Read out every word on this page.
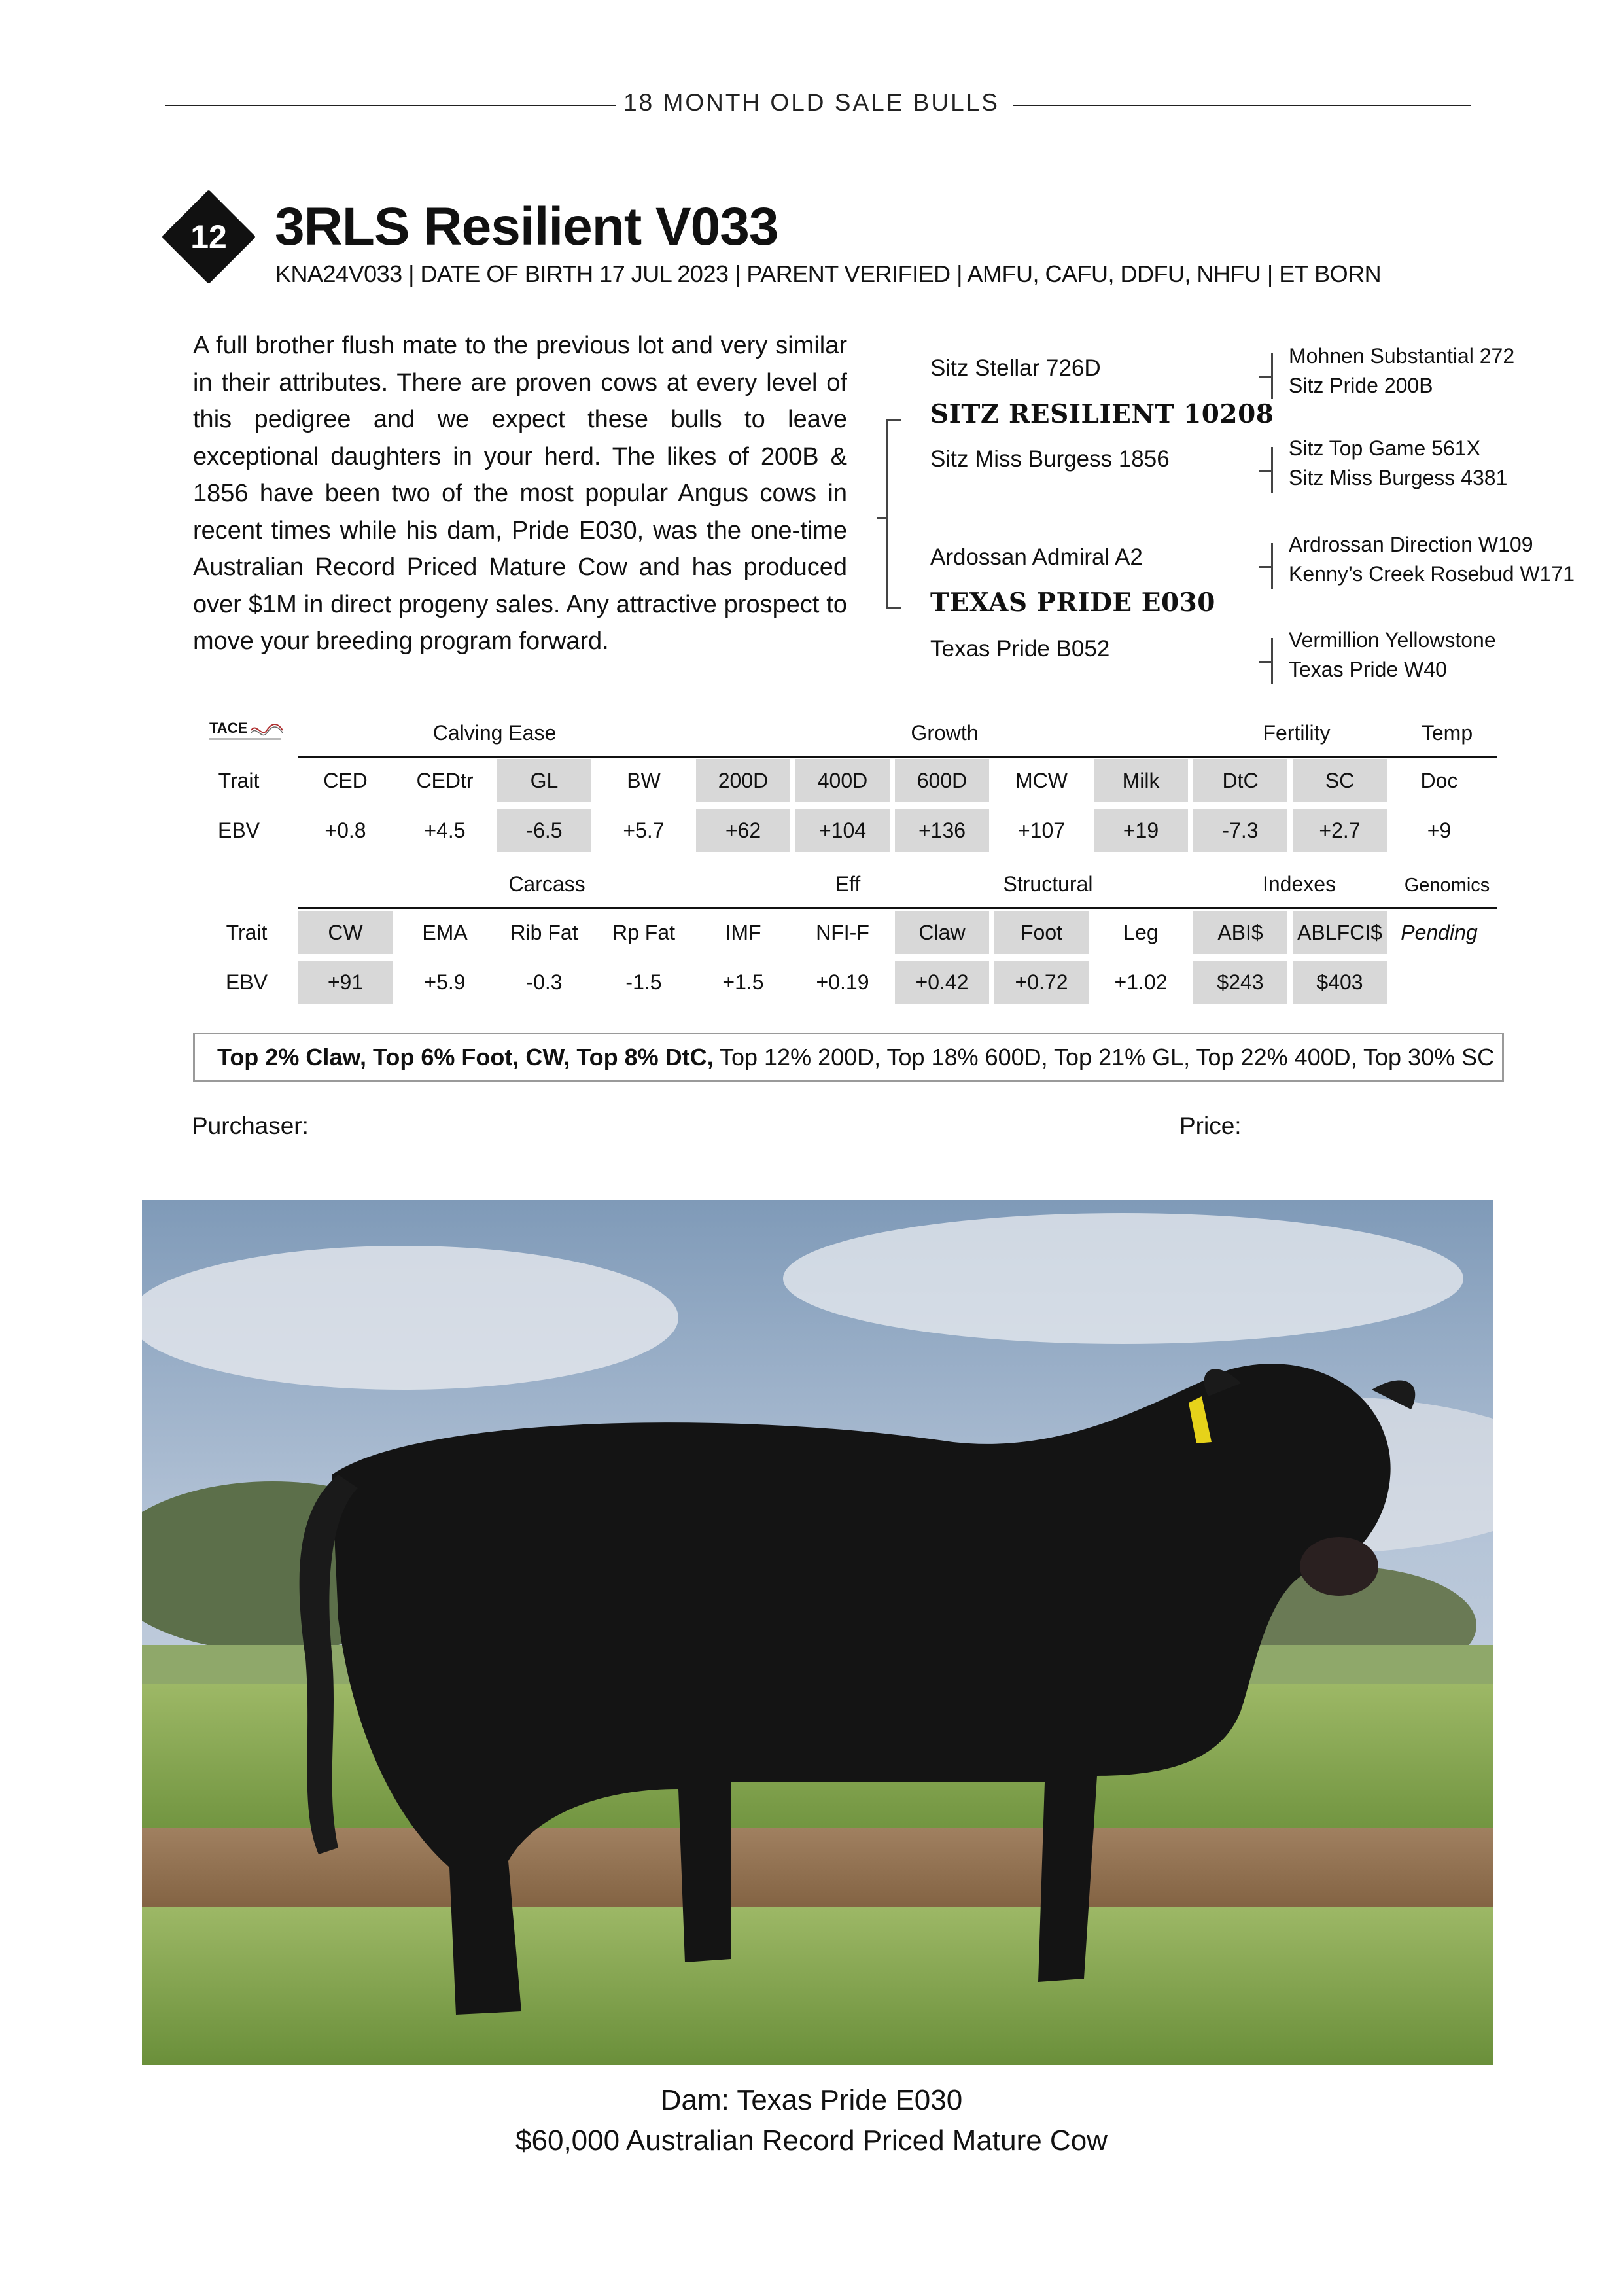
18 MONTH OLD SALE BULLS
12 3RLS Resilient V033
KNA24V033 | DATE OF BIRTH 17 JUL 2023 | PARENT VERIFIED | AMFU, CAFU, DDFU, NHFU | ET BORN
A full brother flush mate to the previous lot and very similar in their attributes. There are proven cows at every level of this pedigree and we expect these bulls to leave exceptional daughters in your herd. The likes of 200B & 1856 have been two of the most popular Angus cows in recent times while his dam, Pride E030, was the one-time Australian Record Priced Mature Cow and has produced over $1M in direct progeny sales. Any attractive prospect to move your breeding program forward.
Sitz Stellar 726D
SITZ RESILIENT 10208
Sitz Miss Burgess 1856
Ardossan Admiral A2
TEXAS PRIDE E030
Texas Pride B052
Mohnen Substantial 272
Sitz Pride 200B
Sitz Top Game 561X
Sitz Miss Burgess 4381
Ardrossan Direction W109
Kenny’s Creek Rosebud W171
Vermillion Yellowstone
Texas Pride W40
TACE	Calving Ease	Growth	Fertility	Temp
Trait	CED	CEDtr	GL	BW	200D	400D	600D	MCW	Milk	DtC	SC	Doc
EBV	+0.8	+4.5	-6.5	+5.7	+62	+104	+136	+107	+19	-7.3	+2.7	+9
Carcass	Eff	Structural	Indexes	Genomics
Trait	CW	EMA	Rib Fat	Rp Fat	IMF	NFI-F	Claw	Foot	Leg	ABI$	ABLFCI$ Pending
EBV	+91	+5.9	-0.3	-1.5	+1.5	+0.19	+0.42	+0.72	+1.02	$243	$403
Top 2% Claw, Top 6% Foot, CW, Top 8% DtC, Top 12% 200D, Top 18% 600D, Top 21% GL, Top 22% 400D, Top 30% SC
Purchaser:	Price:
Dam: Texas Pride E030
$60,000 Australian Record Priced Mature Cow
